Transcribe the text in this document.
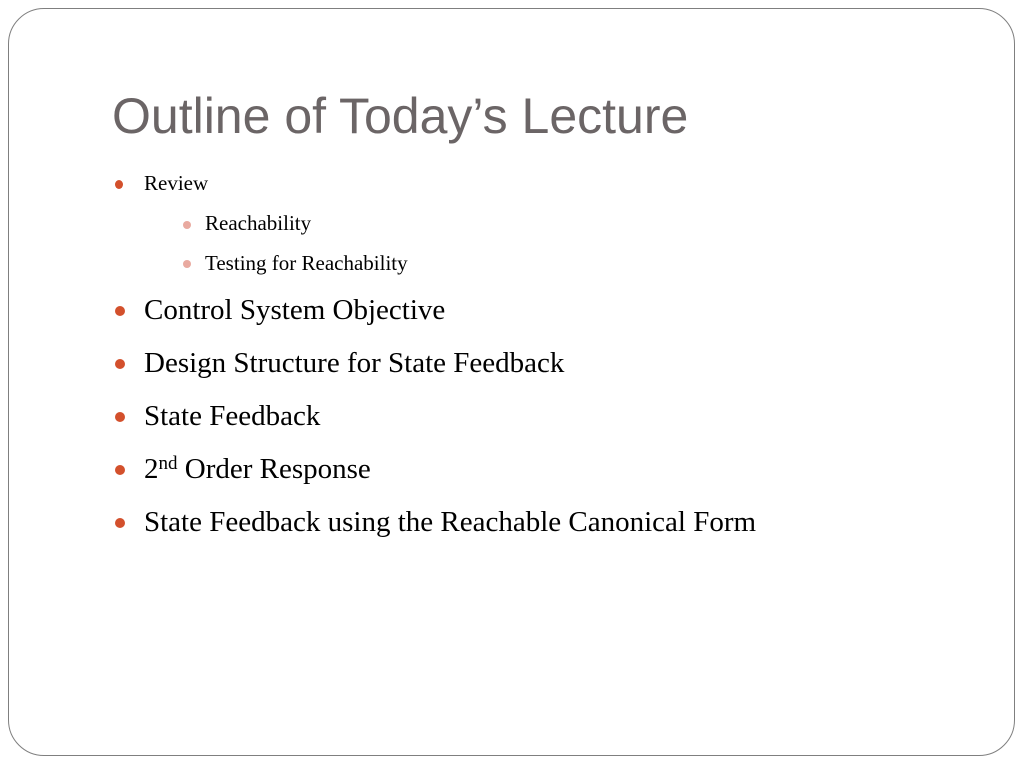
Outline of Today’s Lecture
Review
Reachability
Testing for Reachability
Control System Objective
Design Structure for State Feedback
State Feedback
2nd Order Response
State Feedback using the Reachable Canonical Form
